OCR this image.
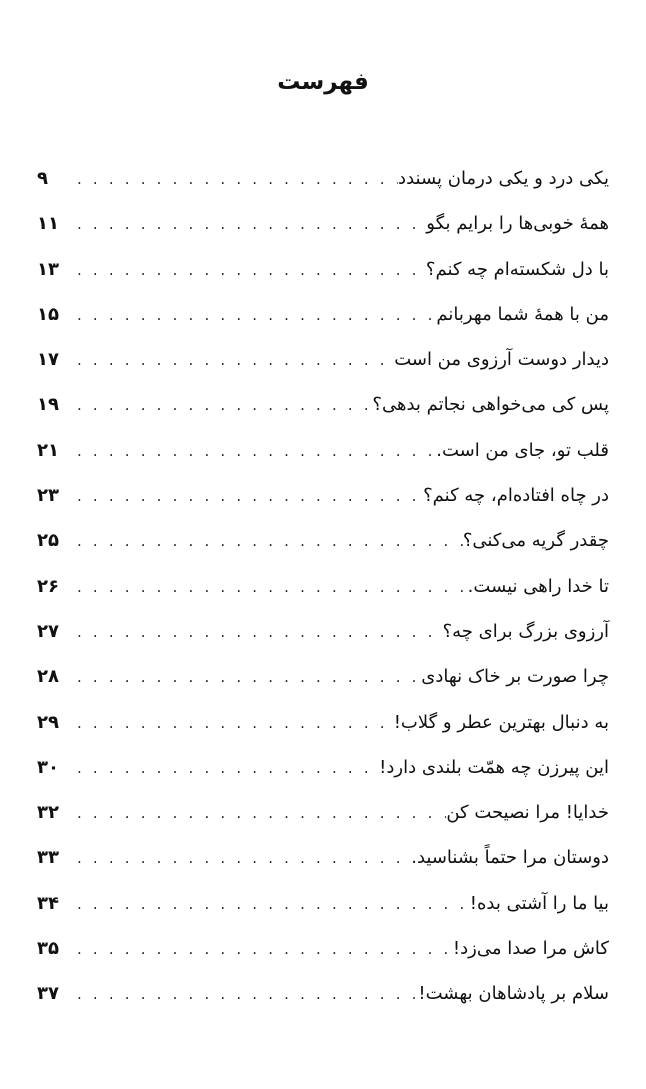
فهرست
یکی درد و یکی درمان پسندد
. . .
۹
همهٔ خوبی‌ها را برایم بگو
. . .
۱۱
با دل شکسته‌ام چه کنم؟
. . .
۱۳
من با همهٔ شما مهربانم
. . .
۱۵
دیدار دوست آرزوی من است
. . .
۱۷
پس کی می‌خواهی نجاتم بدهی؟
. . .
۱۹
قلب تو، جای من است.
. . .
۲۱
در چاه افتاده‌ام، چه کنم؟
. . .
۲۳
چقدر گریه می‌کنی؟
. . .
۲۵
تا خدا راهی نیست.
. . .
۲۶
آرزوی بزرگ برای چه؟
. . .
۲۷
چرا صورت بر خاک نهادی
. . .
۲۸
به دنبال بهترین عطر و گلاب!
. . .
۲۹
این پیرزن چه همّت بلندی دارد!
. . .
۳۰
خدایا! مرا نصیحت کن
. . .
۳۲
دوستان مرا حتماً بشناسید.
. . .
۳۳
بیا ما را آشتی بده!
. . .
۳۴
کاش مرا صدا می‌زد!
. . .
۳۵
سلام بر پادشاهان بهشت!
. . .
۳۷
